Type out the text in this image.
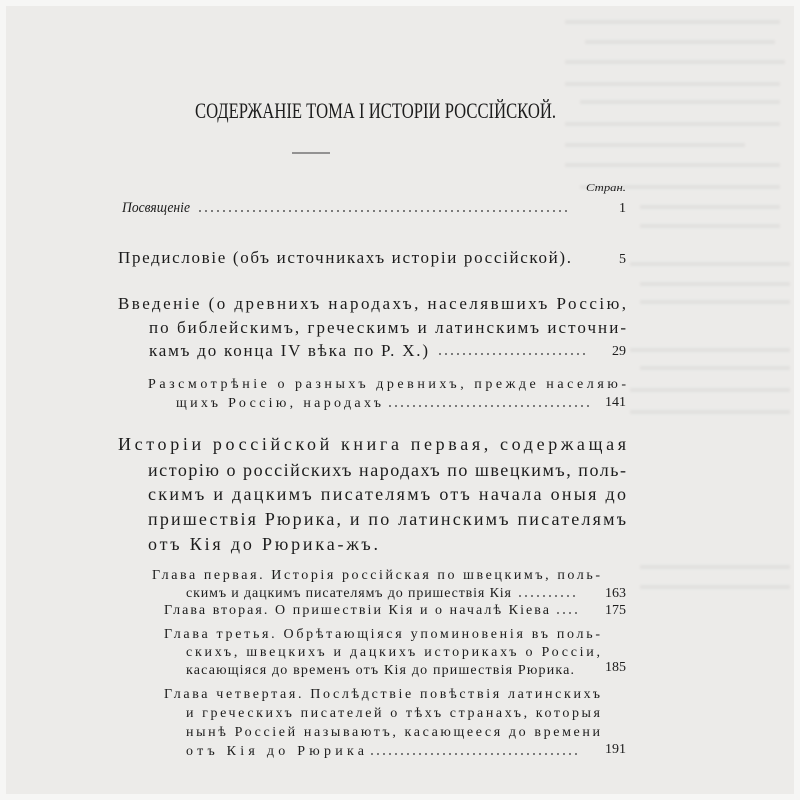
СОДЕРЖАНІЕ ТОМА I ИСТОРІИ РОССІЙСКОЙ.
Стран.
Посвященіе	1
Предисловіе (объ источникахъ исторіи россійской).	5
Введеніе (о древнихъ народахъ, населявшихъ Россію,
по библейскимъ, греческимъ и латинскимъ источни-
камъ до конца IV вѣка по Р. Х.)	29
Разсмотрѣніе о разныхъ древнихъ, прежде населяю-
щихъ Россію, народахъ	141
Исторіи россійской книга первая, содержащая
исторію о россійскихъ народахъ по швецкимъ, поль-
скимъ и дацкимъ писателямъ отъ начала оныя до
пришествія Рюрика, и по латинскимъ писателямъ
отъ Кія до Рюрика-жъ.
Глава первая. Исторія россійская по швецкимъ, поль-
скимъ и дацкимъ писателямъ до пришествія Кія	163
Глава вторая. О пришествіи Кія и о началѣ Кіева	175
Глава третья. Обрѣтающіяся упоминовенія въ поль-
скихъ, швецкихъ и дацкихъ историкахъ о Россіи,
касающіяся до временъ отъ Кія до пришествія Рюрика. 185
Глава четвертая. Послѣдствіе повѣствія латинскихъ
и греческихъ писателей о тѣхъ странахъ, которыя
нынѣ Россіей называютъ, касающееся до времени
отъ Кія до Рюрика	191
